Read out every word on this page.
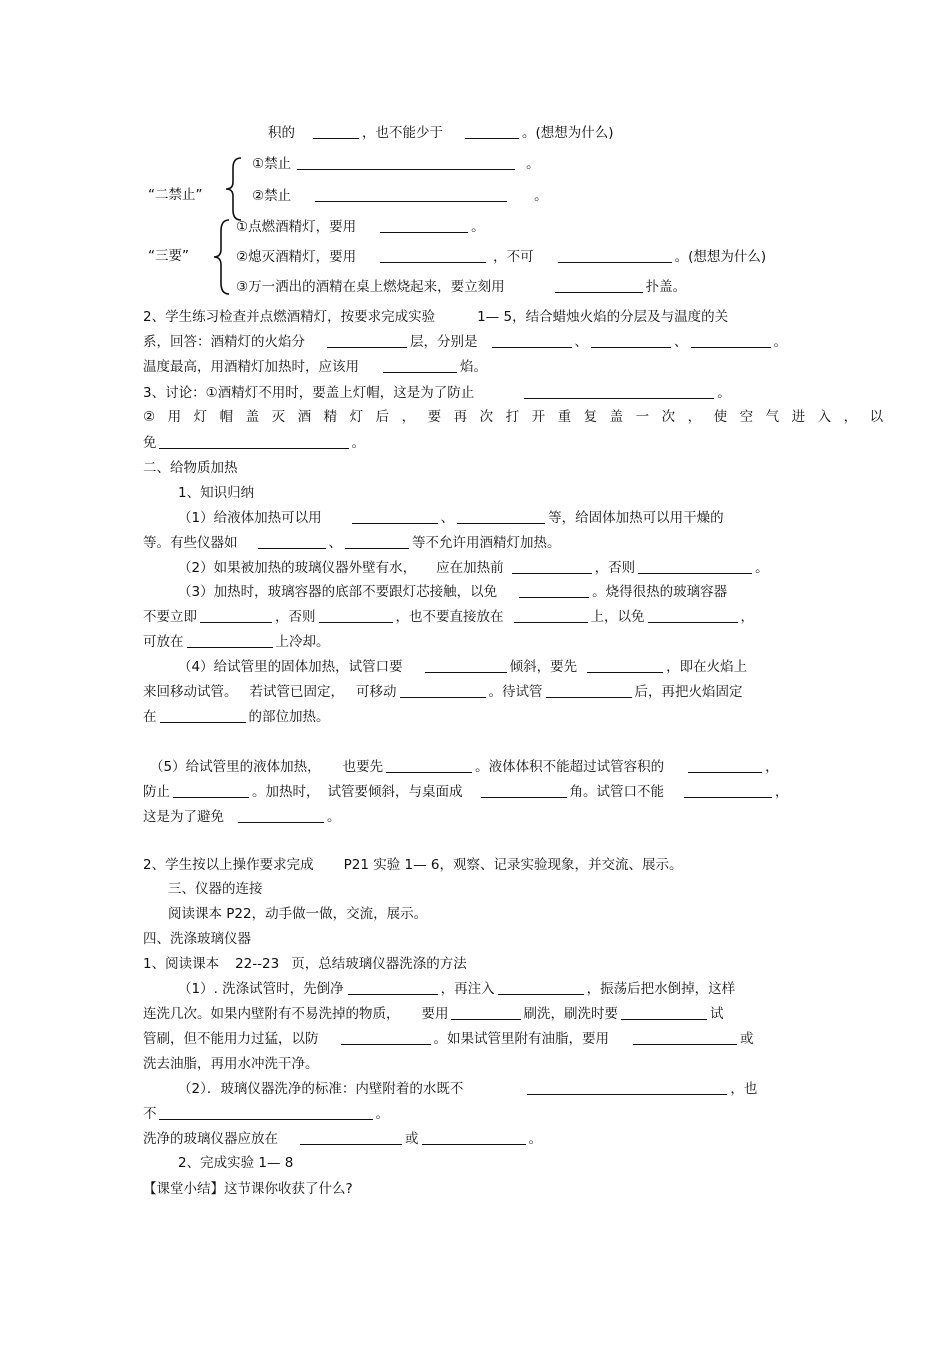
积的	，也不能少于	。(想想为什么)
“二禁止”
①禁止	。
②禁止	。
“三要”
①点燃酒精灯，要用	。
②熄灭酒精灯，要用	，不可	。(想想为什么)
③万一洒出的酒精在桌上燃烧起来，要立刻用	扑盖。
2、学生练习检查并点燃酒精灯，按要求完成实验	1— 5，结合蜡烛火焰的分层及与温度的关
系，回答：酒精灯的火焰分	层，分别是	、	、	。
温度最高，用酒精灯加热时，应该用	焰。
3、讨论：①酒精灯不用时，要盖上灯帽，这是为了防止	。
②用灯帽盖灭酒精灯后，要再次打开重复盖一次，使空气进入，以
免	。
二、给物质加热
1、知识归纳
（1）给液体加热可以用	、	等，给固体加热可以用干燥的
等。有些仪器如	、	等不允许用酒精灯加热。
（2）如果被加热的玻璃仪器外壁有水， 应在加热前	，否则	。
（3）加热时，玻璃容器的底部不要跟灯芯接触，以免	。烧得很热的玻璃容器
不要立即	，否则	，也不要直接放在	上，以免	，
可放在	上冷却。
（4）给试管里的固体加热，试管口要	倾斜，要先	，即在火焰上
来回移动试管。 若试管已固定， 可移动	。待试管	后，再把火焰固定
在	的部位加热。
（5）给试管里的液体加热， 也要先	。液体体积不能超过试管容积的	，
防止	。加热时， 试管要倾斜，与桌面成	角。试管口不能	，
这是为了避免	。
2、学生按以上操作要求完成 P21 实验 1— 6，观察、记录实验现象，并交流、展示。
三、仪器的连接
阅读课本 P22，动手做一做，交流，展示。
四、洗涤玻璃仪器
1、阅读课本 22--23 页，总结玻璃仪器洗涤的方法
（1）. 洗涤试管时，先倒净	，再注入	，振荡后把水倒掉，这样
连洗几次。如果内壁附有不易洗掉的物质， 要用	刷洗，刷洗时要	试
管刷，但不能用力过猛，以防	。如果试管里附有油脂，要用	或
洗去油脂，再用水冲洗干净。
（2）．玻璃仪器洗净的标准：内壁附着的水既不	，也
不	。
洗净的玻璃仪器应放在	或	。
2、完成实验 1— 8
【课堂小结】这节课你收获了什么?
